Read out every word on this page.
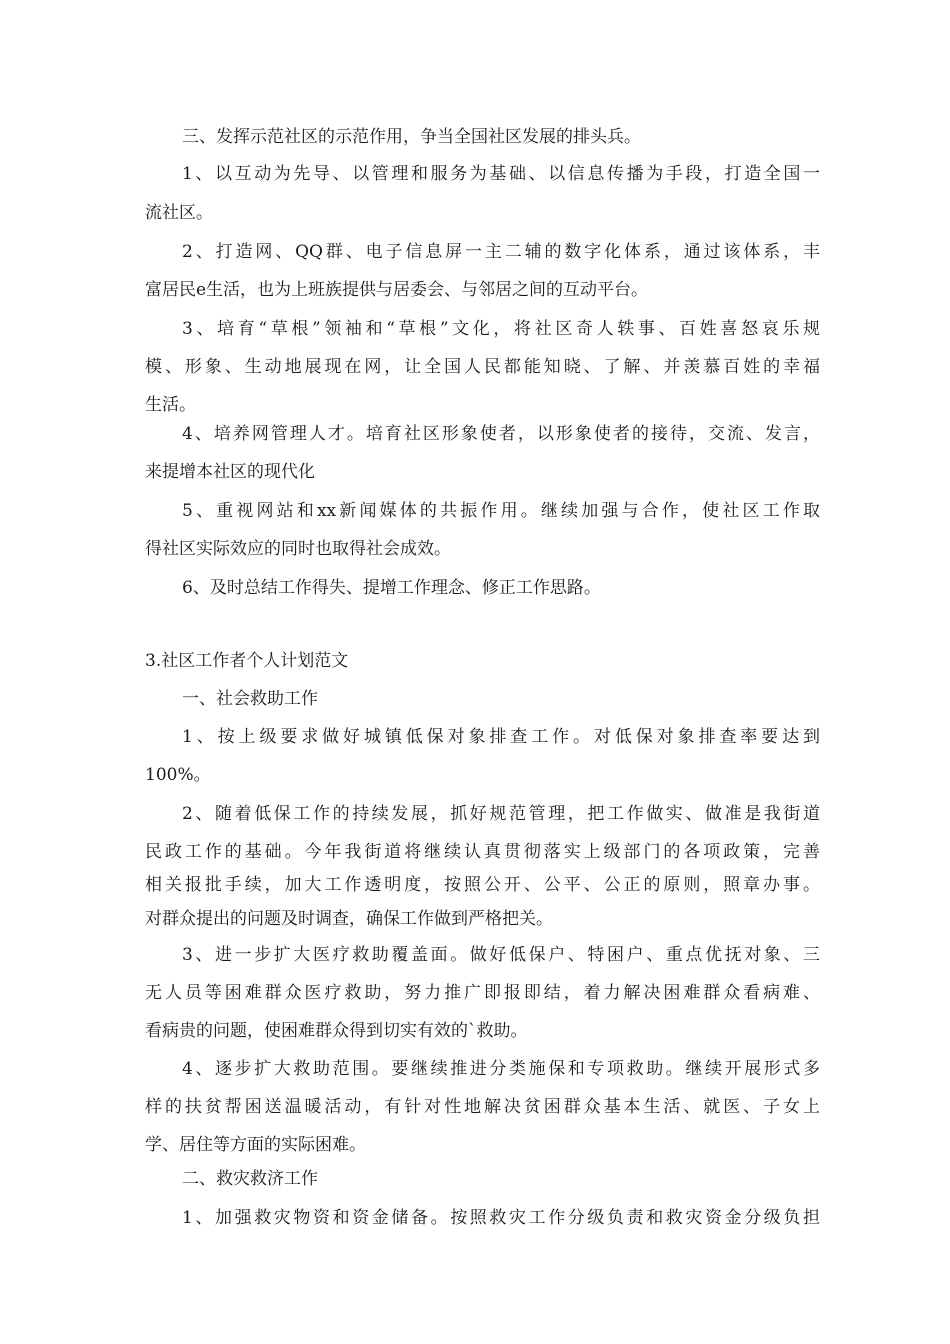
三、发挥示范社区的示范作用，争当全国社区发展的排头兵。
1、以互动为先导、以管理和服务为基础、以信息传播为手段，打造全国一
流社区。
2、打造网、QQ群、电子信息屏一主二辅的数字化体系，通过该体系，丰
富居民e生活，也为上班族提供与居委会、与邻居之间的互动平台。
3、培育“草根”领袖和“草根”文化，将社区奇人轶事、百姓喜怒哀乐规
模、形象、生动地展现在网，让全国人民都能知晓、了解、并羡慕百姓的幸福
生活。
4、培养网管理人才。培育社区形象使者，以形象使者的接待，交流、发言，
来提增本社区的现代化
5、重视网站和xx新闻媒体的共振作用。继续加强与合作，使社区工作取
得社区实际效应的同时也取得社会成效。
6、及时总结工作得失、提增工作理念、修正工作思路。
3.社区工作者个人计划范文
一、社会救助工作
1、按上级要求做好城镇低保对象排查工作。对低保对象排查率要达到
100%。
2、随着低保工作的持续发展，抓好规范管理，把工作做实、做准是我街道
民政工作的基础。今年我街道将继续认真贯彻落实上级部门的各项政策，完善
相关报批手续，加大工作透明度，按照公开、公平、公正的原则，照章办事。
对群众提出的问题及时调查，确保工作做到严格把关。
3、进一步扩大医疗救助覆盖面。做好低保户、特困户、重点优抚对象、三
无人员等困难群众医疗救助，努力推广即报即结，着力解决困难群众看病难、
看病贵的问题，使困难群众得到切实有效的`救助。
4、逐步扩大救助范围。要继续推进分类施保和专项救助。继续开展形式多
样的扶贫帮困送温暖活动，有针对性地解决贫困群众基本生活、就医、子女上
学、居住等方面的实际困难。
二、救灾救济工作
1、加强救灾物资和资金储备。按照救灾工作分级负责和救灾资金分级负担
